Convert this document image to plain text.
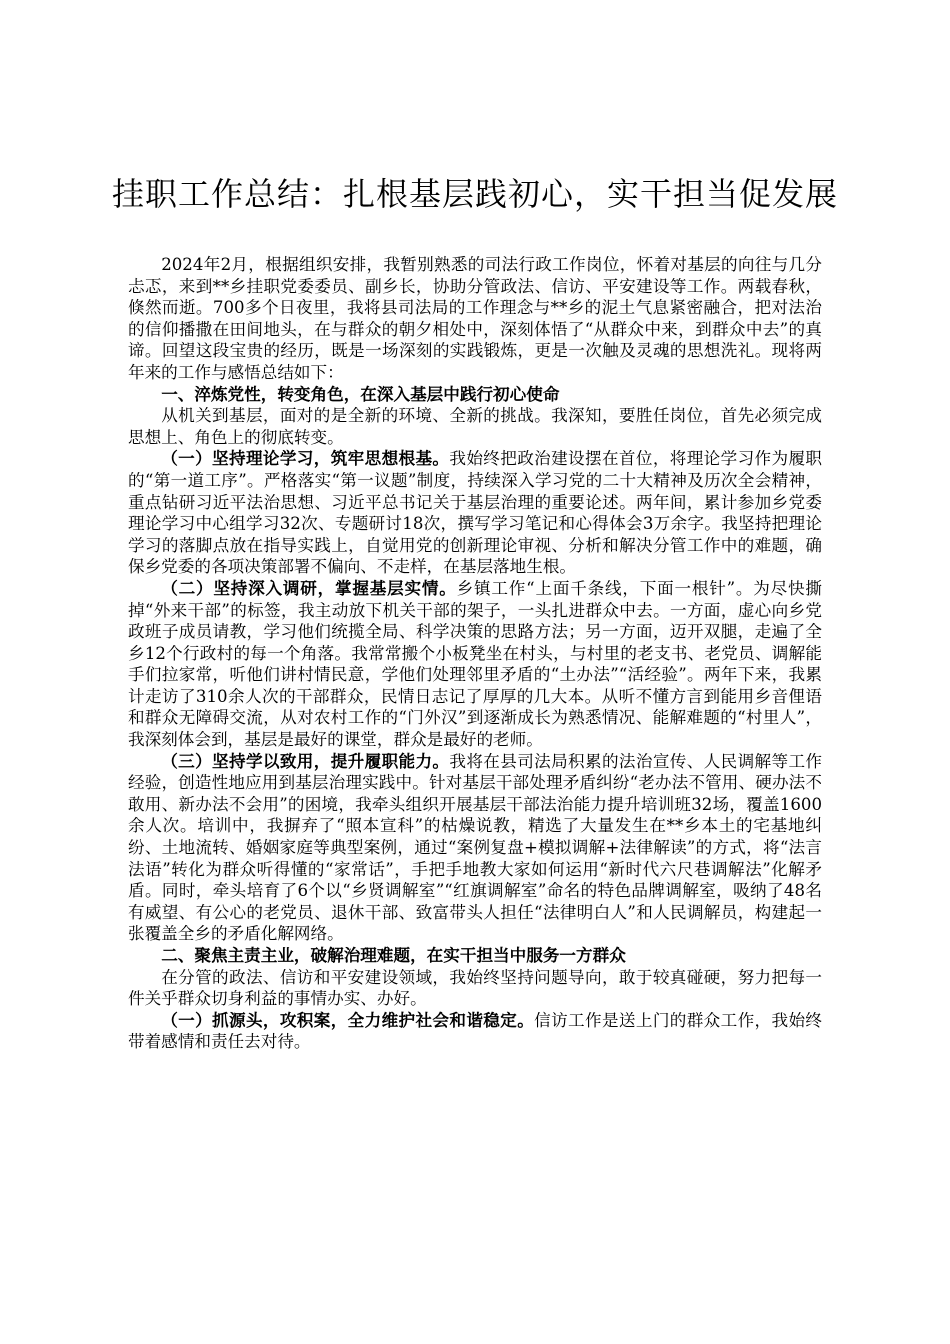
挂职工作总结：扎根基层践初心，实干担当促发展

2024年2月，根据组织安排，我暂别熟悉的司法行政工作岗位，怀着对基层的向往与几分忐忑，来到**乡挂职党委委员、副乡长，协助分管政法、信访、平安建设等工作。两载春秋，倏然而逝。700多个日夜里，我将县司法局的工作理念与**乡的泥土气息紧密融合，把对法治的信仰播撒在田间地头，在与群众的朝夕相处中，深刻体悟了“从群众中来，到群众中去”的真谛。回望这段宝贵的经历，既是一场深刻的实践锻炼，更是一次触及灵魂的思想洗礼。现将两年来的工作与感悟总结如下：

一、淬炼党性，转变角色，在深入基层中践行初心使命

从机关到基层，面对的是全新的环境、全新的挑战。我深知，要胜任岗位，首先必须完成思想上、角色上的彻底转变。

（一）坚持理论学习，筑牢思想根基。我始终把政治建设摆在首位，将理论学习作为履职的“第一道工序”。严格落实“第一议题”制度，持续深入学习党的二十大精神及历次全会精神，重点钻研习近平法治思想、习近平总书记关于基层治理的重要论述。两年间，累计参加乡党委理论学习中心组学习32次、专题研讨18次，撰写学习笔记和心得体会3万余字。我坚持把理论学习的落脚点放在指导实践上，自觉用党的创新理论审视、分析和解决分管工作中的难题，确保乡党委的各项决策部署不偏向、不走样，在基层落地生根。

（二）坚持深入调研，掌握基层实情。乡镇工作“上面千条线，下面一根针”。为尽快撕掉“外来干部”的标签，我主动放下机关干部的架子，一头扎进群众中去。一方面，虚心向乡党政班子成员请教，学习他们统揽全局、科学决策的思路方法；另一方面，迈开双腿，走遍了全乡12个行政村的每一个角落。我常常搬个小板凳坐在村头，与村里的老支书、老党员、调解能手们拉家常，听他们讲村情民意，学他们处理邻里矛盾的“土办法”“活经验”。两年下来，我累计走访了310余人次的干部群众，民情日志记了厚厚的几大本。从听不懂方言到能用乡音俚语和群众无障碍交流，从对农村工作的“门外汉”到逐渐成长为熟悉情况、能解难题的“村里人”，我深刻体会到，基层是最好的课堂，群众是最好的老师。

（三）坚持学以致用，提升履职能力。我将在县司法局积累的法治宣传、人民调解等工作经验，创造性地应用到基层治理实践中。针对基层干部处理矛盾纠纷“老办法不管用、硬办法不敢用、新办法不会用”的困境，我牵头组织开展基层干部法治能力提升培训班32场，覆盖1600余人次。培训中，我摒弃了“照本宣科”的枯燥说教，精选了大量发生在**乡本土的宅基地纠纷、土地流转、婚姻家庭等典型案例，通过“案例复盘+模拟调解+法律解读”的方式，将“法言法语”转化为群众听得懂的“家常话”，手把手地教大家如何运用“新时代六尺巷调解法”化解矛盾。同时，牵头培育了6个以“乡贤调解室”“红旗调解室”命名的特色品牌调解室，吸纳了48名有威望、有公心的老党员、退休干部、致富带头人担任“法律明白人”和人民调解员，构建起一张覆盖全乡的矛盾化解网络。

二、聚焦主责主业，破解治理难题，在实干担当中服务一方群众

在分管的政法、信访和平安建设领域，我始终坚持问题导向，敢于较真碰硬，努力把每一件关乎群众切身利益的事情办实、办好。

（一）抓源头，攻积案，全力维护社会和谐稳定。信访工作是送上门的群众工作，我始终带着感情和责任去对待。
